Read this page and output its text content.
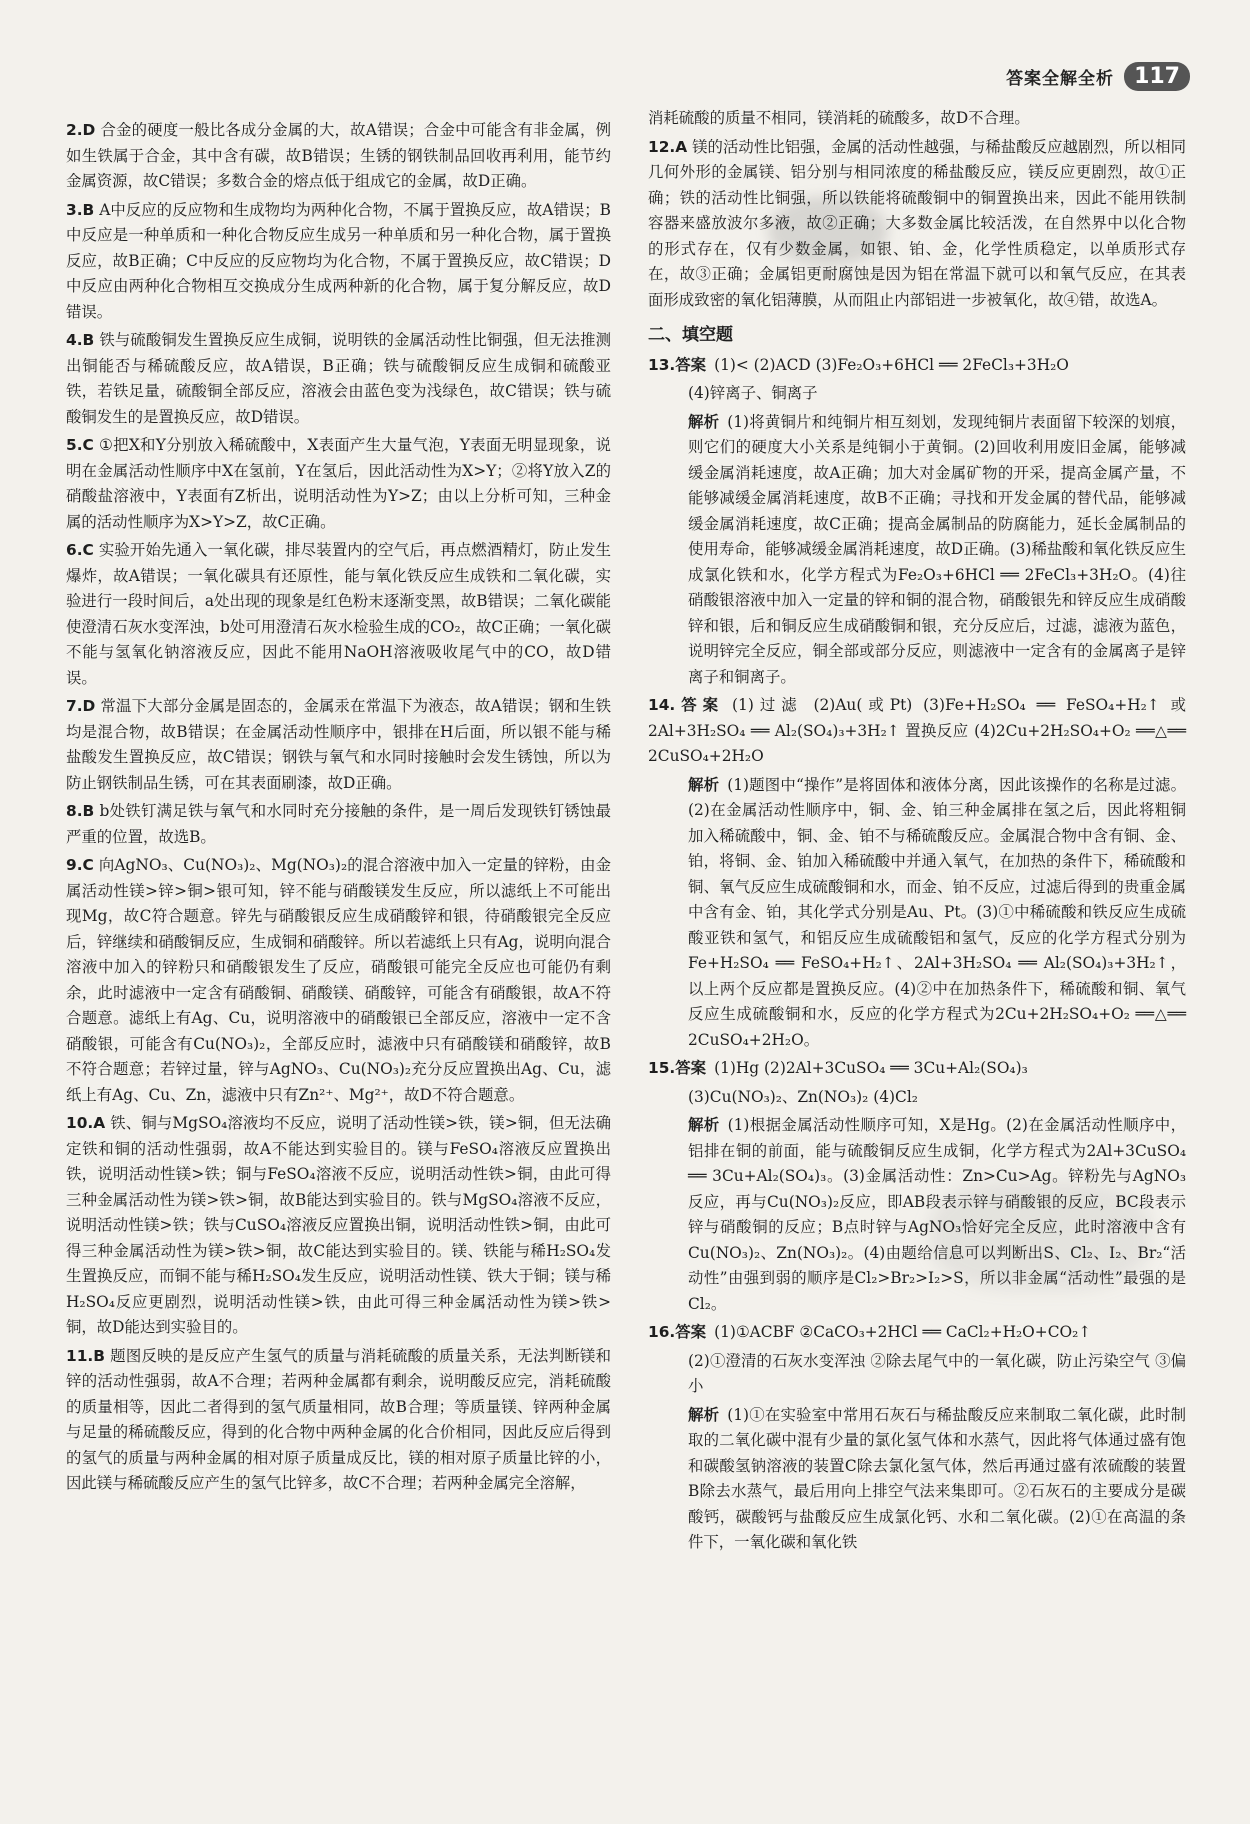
答案全解全析 117
2.D 合金的硬度一般比各成分金属的大，故A错误；合金中可能含有非金属，例如生铁属于合金，其中含有碳，故B错误；生锈的钢铁制品回收再利用，能节约金属资源，故C错误；多数合金的熔点低于组成它的金属，故D正确。
3.B A中反应的反应物和生成物均为两种化合物，不属于置换反应，故A错误；B中反应是一种单质和一种化合物反应生成另一种单质和另一种化合物，属于置换反应，故B正确；C中反应的反应物均为化合物，不属于置换反应，故C错误；D中反应由两种化合物相互交换成分生成两种新的化合物，属于复分解反应，故D错误。
4.B 铁与硫酸铜发生置换反应生成铜，说明铁的金属活动性比铜强，但无法推测出铜能否与稀硫酸反应，故A错误，B正确；铁与硫酸铜反应生成铜和硫酸亚铁，若铁足量，硫酸铜全部反应，溶液会由蓝色变为浅绿色，故C错误；铁与硫酸铜发生的是置换反应，故D错误。
5.C ①把X和Y分别放入稀硫酸中，X表面产生大量气泡，Y表面无明显现象，说明在金属活动性顺序中X在氢前，Y在氢后，因此活动性为X>Y；②将Y放入Z的硝酸盐溶液中，Y表面有Z析出，说明活动性为Y>Z；由以上分析可知，三种金属的活动性顺序为X>Y>Z，故C正确。
6.C 实验开始先通入一氧化碳，排尽装置内的空气后，再点燃酒精灯，防止发生爆炸，故A错误；一氧化碳具有还原性，能与氧化铁反应生成铁和二氧化碳，实验进行一段时间后，a处出现的现象是红色粉末逐渐变黑，故B错误；二氧化碳能使澄清石灰水变浑浊，b处可用澄清石灰水检验生成的CO₂，故C正确；一氧化碳不能与氢氧化钠溶液反应，因此不能用NaOH溶液吸收尾气中的CO，故D错误。
7.D 常温下大部分金属是固态的，金属汞在常温下为液态，故A错误；钢和生铁均是混合物，故B错误；在金属活动性顺序中，银排在H后面，所以银不能与稀盐酸发生置换反应，故C错误；钢铁与氧气和水同时接触时会发生锈蚀，所以为防止钢铁制品生锈，可在其表面刷漆，故D正确。
8.B b处铁钉满足铁与氧气和水同时充分接触的条件，是一周后发现铁钉锈蚀最严重的位置，故选B。
9.C 向AgNO₃、Cu(NO₃)₂、Mg(NO₃)₂的混合溶液中加入一定量的锌粉，由金属活动性镁>锌>铜>银可知，锌不能与硝酸镁发生反应，所以滤纸上不可能出现Mg，故C符合题意。锌先与硝酸银反应生成硝酸锌和银，待硝酸银完全反应后，锌继续和硝酸铜反应，生成铜和硝酸锌。所以若滤纸上只有Ag，说明向混合溶液中加入的锌粉只和硝酸银发生了反应，硝酸银可能完全反应也可能仍有剩余，此时滤液中一定含有硝酸铜、硝酸镁、硝酸锌，可能含有硝酸银，故A不符合题意。滤纸上有Ag、Cu，说明溶液中的硝酸银已全部反应，溶液中一定不含硝酸银，可能含有Cu(NO₃)₂，全部反应时，滤液中只有硝酸镁和硝酸锌，故B不符合题意；若锌过量，锌与AgNO₃、Cu(NO₃)₂充分反应置换出Ag、Cu，滤纸上有Ag、Cu、Zn，滤液中只有Zn²⁺、Mg²⁺，故D不符合题意。
10.A 铁、铜与MgSO₄溶液均不反应，说明了活动性镁>铁，镁>铜，但无法确定铁和铜的活动性强弱，故A不能达到实验目的。镁与FeSO₄溶液反应置换出铁，说明活动性镁>铁；铜与FeSO₄溶液不反应，说明活动性铁>铜，由此可得三种金属活动性为镁>铁>铜，故B能达到实验目的。铁与MgSO₄溶液不反应，说明活动性镁>铁；铁与CuSO₄溶液反应置换出铜，说明活动性铁>铜，由此可得三种金属活动性为镁>铁>铜，故C能达到实验目的。镁、铁能与稀H₂SO₄发生置换反应，而铜不能与稀H₂SO₄发生反应，说明活动性镁、铁大于铜；镁与稀H₂SO₄反应更剧烈，说明活动性镁>铁，由此可得三种金属活动性为镁>铁>铜，故D能达到实验目的。
11.B 题图反映的是反应产生氢气的质量与消耗硫酸的质量关系，无法判断镁和锌的活动性强弱，故A不合理；若两种金属都有剩余，说明酸反应完，消耗硫酸的质量相等，因此二者得到的氢气质量相同，故B合理；等质量镁、锌两种金属与足量的稀硫酸反应，得到的化合物中两种金属的化合价相同，因此反应后得到的氢气的质量与两种金属的相对原子质量成反比，镁的相对原子质量比锌的小，因此镁与稀硫酸反应产生的氢气比锌多，故C不合理；若两种金属完全溶解，
消耗硫酸的质量不相同，镁消耗的硫酸多，故D不合理。
12.A 镁的活动性比铝强，金属的活动性越强，与稀盐酸反应越剧烈，所以相同几何外形的金属镁、铝分别与相同浓度的稀盐酸反应，镁反应更剧烈，故①正确；铁的活动性比铜强，所以铁能将硫酸铜中的铜置换出来，因此不能用铁制容器来盛放波尔多液，故②正确；大多数金属比较活泼，在自然界中以化合物的形式存在，仅有少数金属，如银、铂、金，化学性质稳定，以单质形式存在，故③正确；金属铝更耐腐蚀是因为铝在常温下就可以和氧气反应，在其表面形成致密的氧化铝薄膜，从而阻止内部铝进一步被氧化，故④错，故选A。
二、填空题
13.答案 (1)< (2)ACD (3)Fe₂O₃+6HCl ══ 2FeCl₃+3H₂O
(4)锌离子、铜离子
解析 (1)将黄铜片和纯铜片相互刻划，发现纯铜片表面留下较深的划痕，则它们的硬度大小关系是纯铜小于黄铜。(2)回收利用废旧金属，能够减缓金属消耗速度，故A正确；加大对金属矿物的开采，提高金属产量，不能够减缓金属消耗速度，故B不正确；寻找和开发金属的替代品，能够减缓金属消耗速度，故C正确；提高金属制品的防腐能力，延长金属制品的使用寿命，能够减缓金属消耗速度，故D正确。(3)稀盐酸和氧化铁反应生成氯化铁和水，化学方程式为Fe₂O₃+6HCl ══ 2FeCl₃+3H₂O。(4)往硝酸银溶液中加入一定量的锌和铜的混合物，硝酸银先和锌反应生成硝酸锌和银，后和铜反应生成硝酸铜和银，充分反应后，过滤，滤液为蓝色，说明锌完全反应，铜全部或部分反应，则滤液中一定含有的金属离子是锌离子和铜离子。
14.答案 (1)过滤 (2)Au(或Pt) (3)Fe+H₂SO₄ ══ FeSO₄+H₂↑ 或2Al+3H₂SO₄ ══ Al₂(SO₄)₃+3H₂↑ 置换反应 (4)2Cu+2H₂SO₄+O₂ ══△══ 2CuSO₄+2H₂O
解析 (1)题图中“操作”是将固体和液体分离，因此该操作的名称是过滤。(2)在金属活动性顺序中，铜、金、铂三种金属排在氢之后，因此将粗铜加入稀硫酸中，铜、金、铂不与稀硫酸反应。金属混合物中含有铜、金、铂，将铜、金、铂加入稀硫酸中并通入氧气，在加热的条件下，稀硫酸和铜、氧气反应生成硫酸铜和水，而金、铂不反应，过滤后得到的贵重金属中含有金、铂，其化学式分别是Au、Pt。(3)①中稀硫酸和铁反应生成硫酸亚铁和氢气，和铝反应生成硫酸铝和氢气，反应的化学方程式分别为Fe+H₂SO₄ ══ FeSO₄+H₂↑、2Al+3H₂SO₄ ══ Al₂(SO₄)₃+3H₂↑，以上两个反应都是置换反应。(4)②中在加热条件下，稀硫酸和铜、氧气反应生成硫酸铜和水，反应的化学方程式为2Cu+2H₂SO₄+O₂ ══△══ 2CuSO₄+2H₂O。
15.答案 (1)Hg (2)2Al+3CuSO₄ ══ 3Cu+Al₂(SO₄)₃
(3)Cu(NO₃)₂、Zn(NO₃)₂ (4)Cl₂
解析 (1)根据金属活动性顺序可知，X是Hg。(2)在金属活动性顺序中，铝排在铜的前面，能与硫酸铜反应生成铜，化学方程式为2Al+3CuSO₄ ══ 3Cu+Al₂(SO₄)₃。(3)金属活动性：Zn>Cu>Ag。锌粉先与AgNO₃反应，再与Cu(NO₃)₂反应，即AB段表示锌与硝酸银的反应，BC段表示锌与硝酸铜的反应；B点时锌与AgNO₃恰好完全反应，此时溶液中含有Cu(NO₃)₂、Zn(NO₃)₂。(4)由题给信息可以判断出S、Cl₂、I₂、Br₂“活动性”由强到弱的顺序是Cl₂>Br₂>I₂>S，所以非金属“活动性”最强的是Cl₂。
16.答案 (1)①ACBF ②CaCO₃+2HCl ══ CaCl₂+H₂O+CO₂↑
(2)①澄清的石灰水变浑浊 ②除去尾气中的一氧化碳，防止污染空气 ③偏小
解析 (1)①在实验室中常用石灰石与稀盐酸反应来制取二氧化碳，此时制取的二氧化碳中混有少量的氯化氢气体和水蒸气，因此将气体通过盛有饱和碳酸氢钠溶液的装置C除去氯化氢气体，然后再通过盛有浓硫酸的装置B除去水蒸气，最后用向上排空气法来集即可。②石灰石的主要成分是碳酸钙，碳酸钙与盐酸反应生成氯化钙、水和二氧化碳。(2)①在高温的条件下，一氧化碳和氧化铁
